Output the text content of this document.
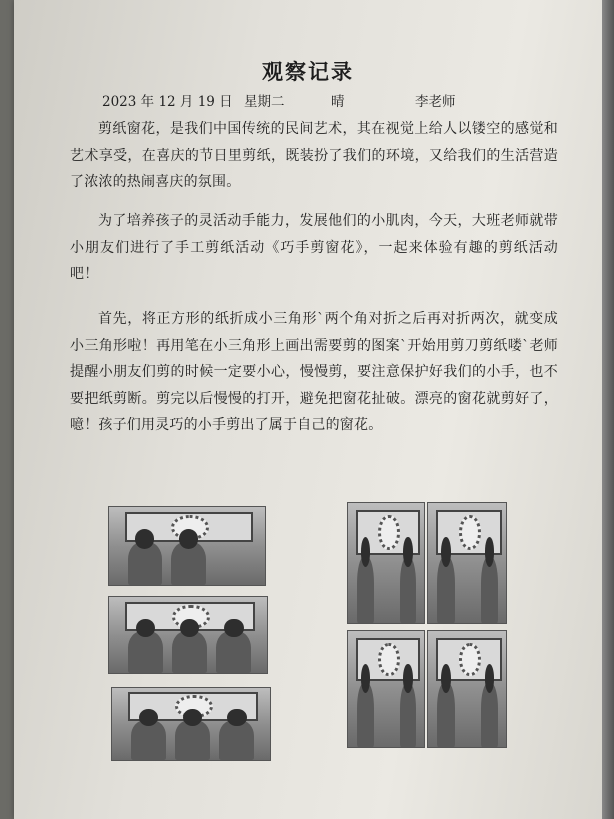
观察记录
2023 年 12 月 19 日 星期二	晴	李老师
剪纸窗花，是我们中国传统的民间艺术，其在视觉上给人以镂空的感觉和艺术享受，在喜庆的节日里剪纸，既装扮了我们的环境，又给我们的生活营造了浓浓的热闹喜庆的氛围。
为了培养孩子的灵活动手能力，发展他们的小肌肉，今天，大班老师就带小朋友们进行了手工剪纸活动《巧手剪窗花》，一起来体验有趣的剪纸活动吧！
首先，将正方形的纸折成小三角形`两个角对折之后再对折两次，就变成小三角形啦！再用笔在小三角形上画出需要剪的图案`开始用剪刀剪纸喽`老师提醒小朋友们剪的时候一定要小心，慢慢剪，要注意保护好我们的小手，也不要把纸剪断。剪完以后慢慢的打开，避免把窗花扯破。漂亮的窗花就剪好了，噫！孩子们用灵巧的小手剪出了属于自己的窗花。
